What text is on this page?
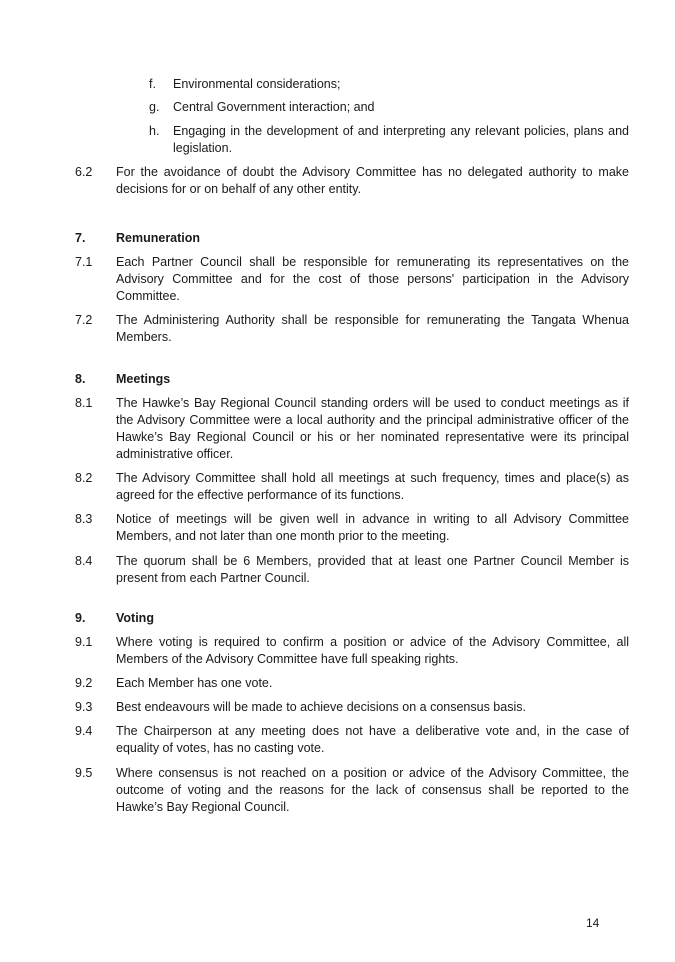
f. Environmental considerations;
g. Central Government interaction; and
h. Engaging in the development of and interpreting any relevant policies, plans and legislation.
6.2 For the avoidance of doubt the Advisory Committee has no delegated authority to make decisions for or on behalf of any other entity.
7. Remuneration
7.1 Each Partner Council shall be responsible for remunerating its representatives on the Advisory Committee and for the cost of those persons' participation in the Advisory Committee.
7.2 The Administering Authority shall be responsible for remunerating the Tangata Whenua Members.
8. Meetings
8.1 The Hawke’s Bay Regional Council standing orders will be used to conduct meetings as if the Advisory Committee were a local authority and the principal administrative officer of the Hawke’s Bay Regional Council or his or her nominated representative were its principal administrative officer.
8.2 The Advisory Committee shall hold all meetings at such frequency, times and place(s) as agreed for the effective performance of its functions.
8.3 Notice of meetings will be given well in advance in writing to all Advisory Committee Members, and not later than one month prior to the meeting.
8.4 The quorum shall be 6 Members, provided that at least one Partner Council Member is present from each Partner Council.
9. Voting
9.1 Where voting is required to confirm a position or advice of the Advisory Committee, all Members of the Advisory Committee have full speaking rights.
9.2 Each Member has one vote.
9.3 Best endeavours will be made to achieve decisions on a consensus basis.
9.4 The Chairperson at any meeting does not have a deliberative vote and, in the case of equality of votes, has no casting vote.
9.5 Where consensus is not reached on a position or advice of the Advisory Committee, the outcome of voting and the reasons for the lack of consensus shall be reported to the Hawke’s Bay Regional Council.
14
